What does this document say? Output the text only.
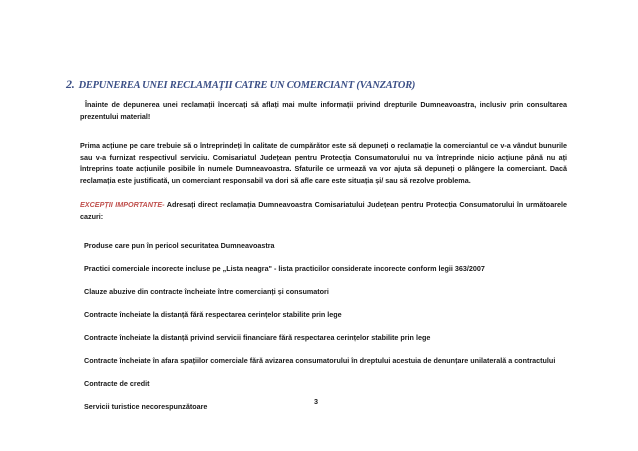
2. DEPUNEREA UNEI RECLAMAȚII CATRE UN COMERCIANT (VANZATOR)
Înainte de depunerea unei reclamații încercați să aflați mai multe informații privind drepturile Dumneavoastra, inclusiv prin consultarea prezentului material!
Prima acțiune pe care trebuie să o întreprindeți în calitate de cumpărător este să depuneți o reclamație la comerciantul ce v-a vândut bunurile sau v-a furnizat respectivul serviciu. Comisariatul Județean pentru Protecția Consumatorului nu va întreprinde nicio acțiune până nu ați întreprins toate acțiunile posibile în numele Dumneavoastra. Sfaturile ce urmează va vor ajuta să depuneți o plângere la comerciant. Dacă reclamația este justificată, un comerciant responsabil va dori să afle care este situația și/ sau să rezolve problema.
EXCEPȚII IMPORTANTE- Adresați direct reclamația Dumneavoastra Comisariatului Județean pentru Protecția Consumatorului în următoarele cazuri:
Produse care pun în pericol securitatea Dumneavoastra
Practici comerciale incorecte incluse pe „Lista neagra" - lista practicilor considerate incorecte conform legii 363/2007
Clauze abuzive din contracte încheiate între comercianți și consumatori
Contracte încheiate la distanță fără respectarea cerințelor stabilite prin lege
Contracte încheiate la distanță privind servicii financiare fără respectarea cerințelor stabilite prin lege
Contracte încheiate în afara spațiilor comerciale fără avizarea consumatorului în dreptului acestuia de denunțare unilaterală a contractului
Contracte de credit
Servicii turistice necorespunzătoare
3
